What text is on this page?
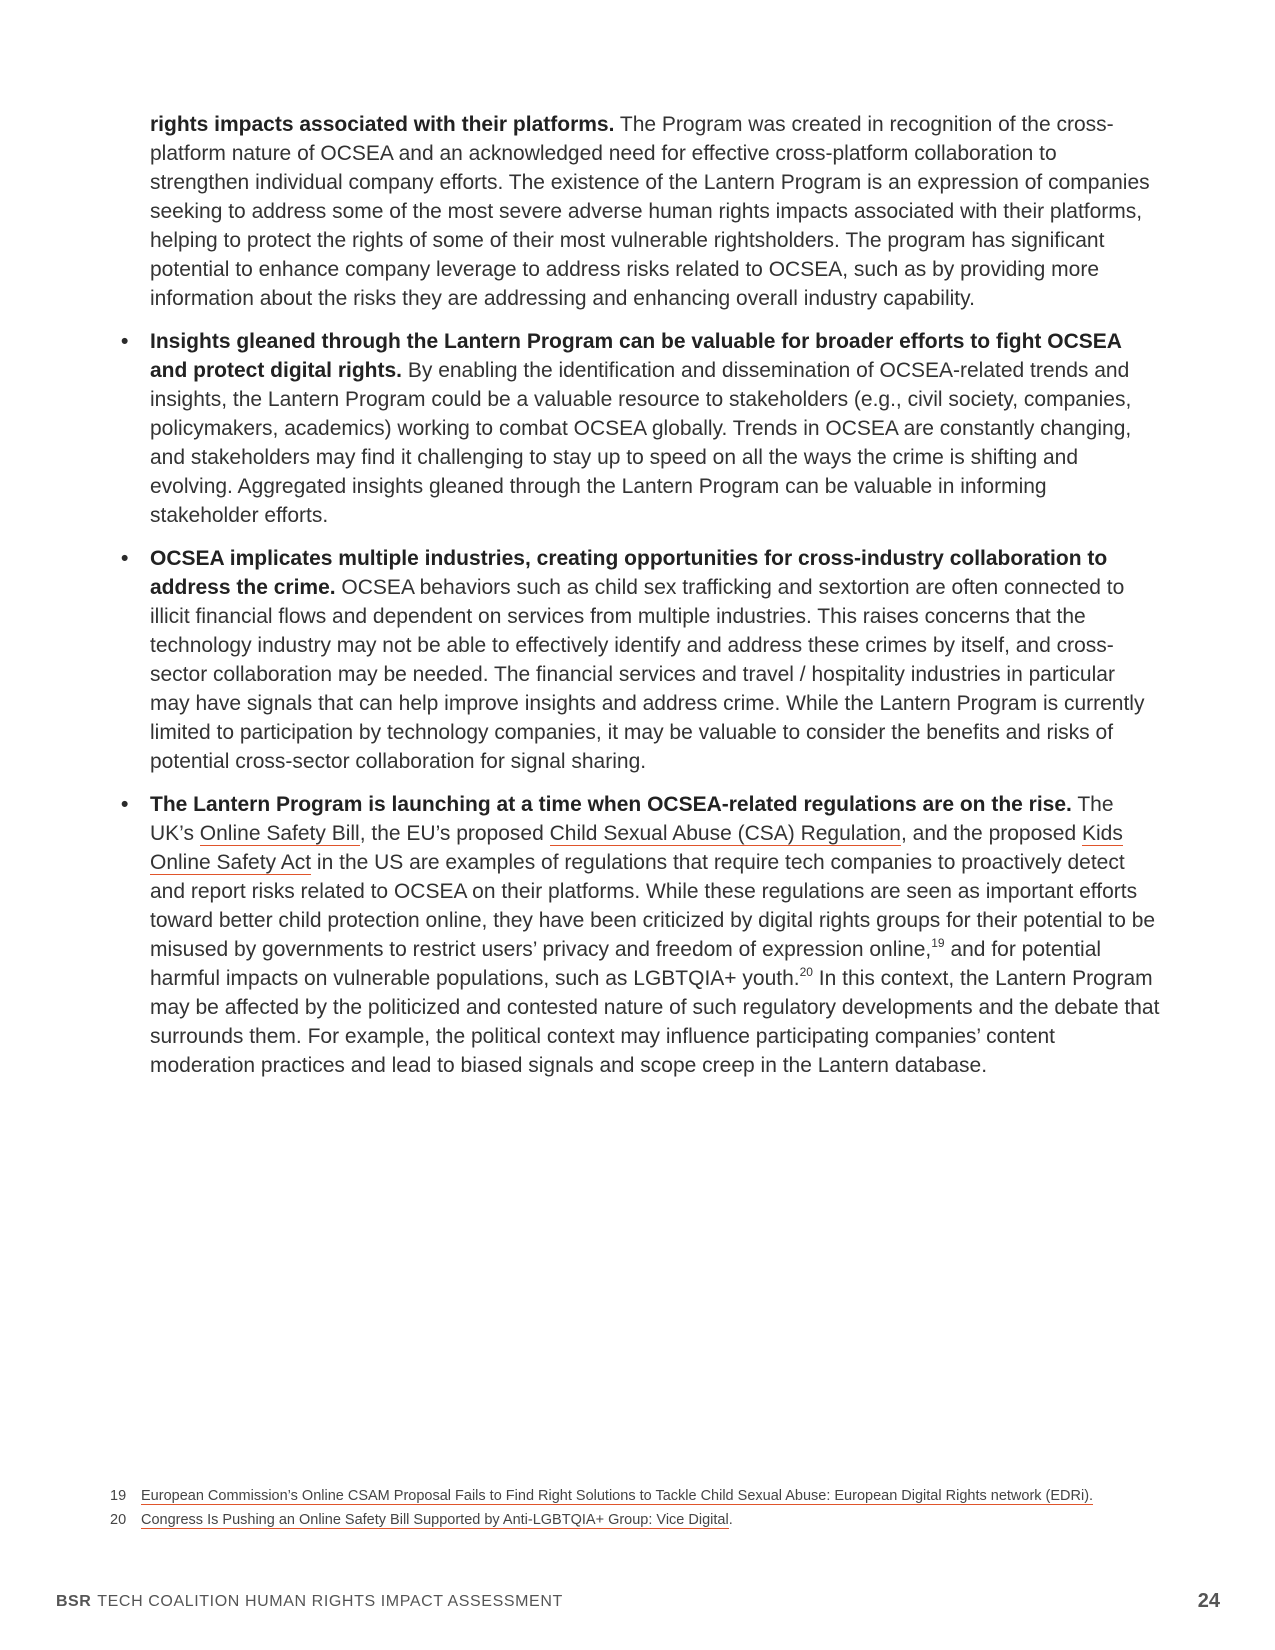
rights impacts associated with their platforms. The Program was created in recognition of the cross-platform nature of OCSEA and an acknowledged need for effective cross-platform collaboration to strengthen individual company efforts. The existence of the Lantern Program is an expression of companies seeking to address some of the most severe adverse human rights impacts associated with their platforms, helping to protect the rights of some of their most vulnerable rightsholders. The program has significant potential to enhance company leverage to address risks related to OCSEA, such as by providing more information about the risks they are addressing and enhancing overall industry capability.

• Insights gleaned through the Lantern Program can be valuable for broader efforts to fight OCSEA and protect digital rights. By enabling the identification and dissemination of OCSEA-related trends and insights, the Lantern Program could be a valuable resource to stakeholders (e.g., civil society, companies, policymakers, academics) working to combat OCSEA globally. Trends in OCSEA are constantly changing, and stakeholders may find it challenging to stay up to speed on all the ways the crime is shifting and evolving. Aggregated insights gleaned through the Lantern Program can be valuable in informing stakeholder efforts.
• OCSEA implicates multiple industries, creating opportunities for cross-industry collaboration to address the crime. OCSEA behaviors such as child sex trafficking and sextortion are often connected to illicit financial flows and dependent on services from multiple industries. This raises concerns that the technology industry may not be able to effectively identify and address these crimes by itself, and cross-sector collaboration may be needed. The financial services and travel / hospitality industries in particular may have signals that can help improve insights and address crime. While the Lantern Program is currently limited to participation by technology companies, it may be valuable to consider the benefits and risks of potential cross-sector collaboration for signal sharing.
• The Lantern Program is launching at a time when OCSEA-related regulations are on the rise. The UK’s Online Safety Bill, the EU’s proposed Child Sexual Abuse (CSA) Regulation, and the proposed Kids Online Safety Act in the US are examples of regulations that require tech companies to proactively detect and report risks related to OCSEA on their platforms. While these regulations are seen as important efforts toward better child protection online, they have been criticized by digital rights groups for their potential to be misused by governments to restrict users’ privacy and freedom of expression online,$^{19}$ and for potential harmful impacts on vulnerable populations, such as LGBTQIA+ youth.$^{20}$ In this context, the Lantern Program may be affected by the politicized and contested nature of such regulatory developments and the debate that surrounds them. For example, the political context may influence participating companies’ content moderation practices and lead to biased signals and scope creep in the Lantern database.
19 European Commission’s Online CSAM Proposal Fails to Find Right Solutions to Tackle Child Sexual Abuse: European Digital Rights network (EDRi).
20 Congress Is Pushing an Online Safety Bill Supported by Anti-LGBTQIA+ Group: Vice Digital.
BSR TECH COALITION HUMAN RIGHTS IMPACT ASSESSMENT	24
